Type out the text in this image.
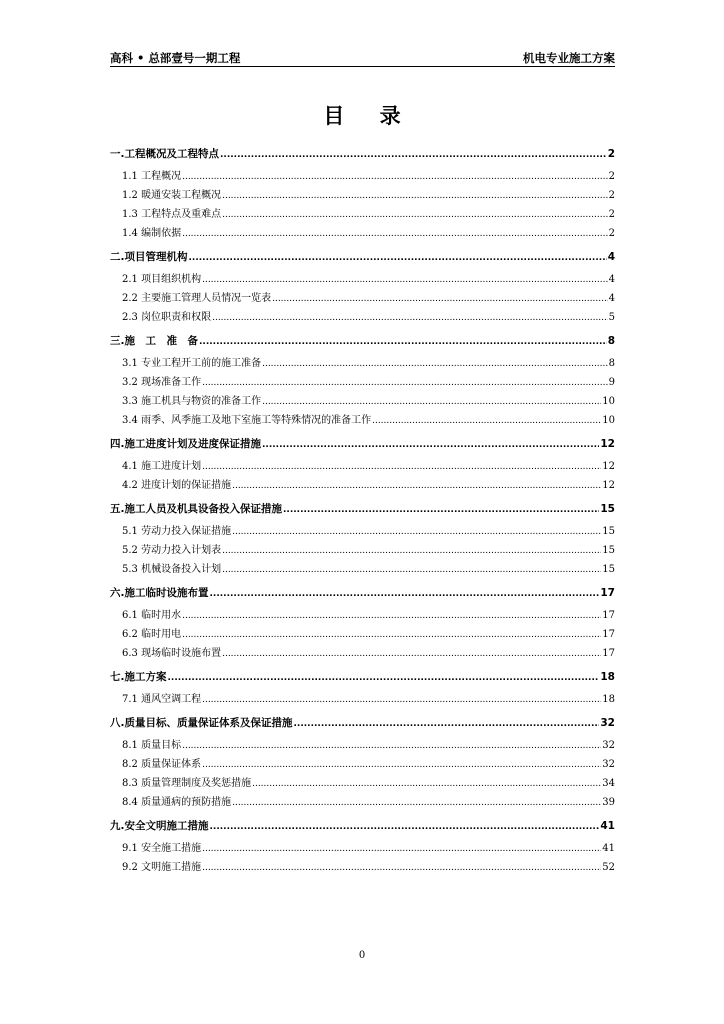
高科 • 总部壹号一期工程	机电专业施工方案
目 录
一.工程概况及工程特点 .....	2
1.1 工程概况 .....	2
1.2 暖通安装工程概况 .....	2
1.3 工程特点及重难点 .....	2
1.4 编制依据 .....	2
二.项目管理机构 .....	4
2.1 项目组织机构 .....	4
2.2 主要施工管理人员情况一览表 .....	4
2.3 岗位职责和权限 .....	5
三.施　工　准　备 .....	8
3.1 专业工程开工前的施工准备 .....	8
3.2 现场准备工作 .....	9
3.3 施工机具与物资的准备工作 .....	10
3.4 雨季、风季施工及地下室施工等特殊情况的准备工作 .....	10
四.施工进度计划及进度保证措施 .....	12
4.1 施工进度计划 .....	12
4.2 进度计划的保证措施 .....	12
五.施工人员及机具设备投入保证措施 .....	15
5.1 劳动力投入保证措施 .....	15
5.2 劳动力投入计划表 .....	15
5.3 机械设备投入计划 .....	15
六.施工临时设施布置 .....	17
6.1 临时用水 .....	17
6.2 临时用电 .....	17
6.3 现场临时设施布置 .....	17
七.施工方案 .....	18
7.1 通风空调工程 .....	18
八.质量目标、质量保证体系及保证措施 .....	32
8.1 质量目标 .....	32
8.2 质量保证体系 .....	32
8.3 质量管理制度及奖惩措施 .....	34
8.4 质量通病的预防措施 .....	39
九.安全文明施工措施 .....	41
9.1 安全施工措施 .....	41
9.2 文明施工措施 .....	52
0
